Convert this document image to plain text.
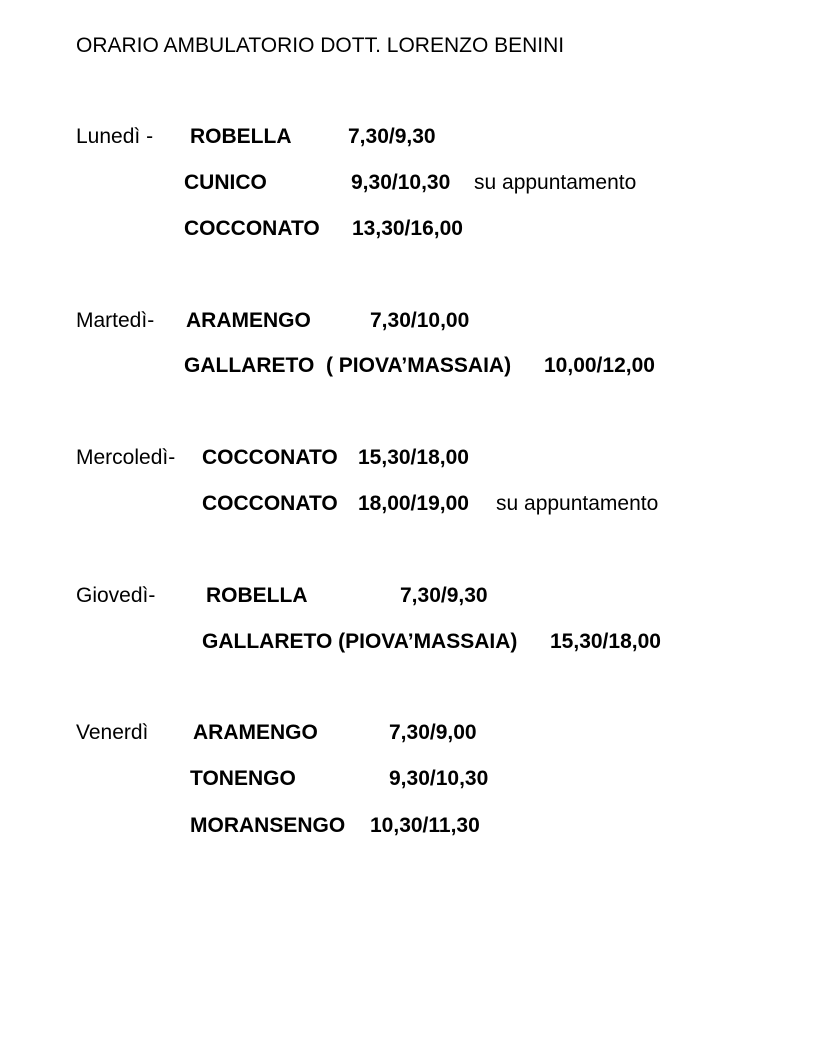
ORARIO AMBULATORIO DOTT. LORENZO BENINI
Lunedì - ROBELLA	7,30/9,30
CUNICO	9,30/10,30 su appuntamento
COCCONATO 13,30/16,00
Martedì- ARAMENGO	7,30/10,00
GALLARETO  ( PIOVA’MASSAIA) 10,00/12,00
Mercoledì- COCCONATO 15,30/18,00
COCCONATO 18,00/19,00 su appuntamento
Giovedì- ROBELLA	7,30/9,30
GALLARETO (PIOVA’MASSAIA) 15,30/18,00
Venerdì ARAMENGO	7,30/9,00
TONENGO	9,30/10,30
MORANSENGO 10,30/11,30
